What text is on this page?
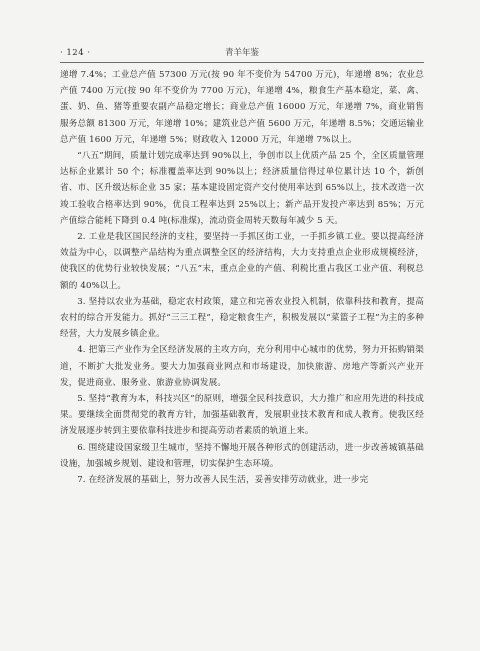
· 124 ·	青羊年鉴

递增 7.4%；工业总产值 57300 万元(按 90 年不变价为 54700 万元)，年递增 8%；农业总产值 7400 万元(按 90 年不变价为 7700 万元)，年递增 4%，粮食生产基本稳定，菜、禽、蛋、奶、鱼、猪等重要农副产品稳定增长；商业总产值 16000 万元，年递增 7%，商业销售服务总额 81300 万元，年递增 10%；建筑业总产值 5600 万元，年递增 8.5%；交通运输业总产值 1600 万元，年递增 5%；财政收入 12000 万元，年递增 7%以上。

“八五”期间，质量计划完成率达到 90%以上，争创市以上优质产品 25 个，全区质量管理达标企业累计 50 个；标准覆盖率达到 90%以上；经济质量信得过单位累计达 10 个，新创省、市、区升级达标企业 35 家；基本建设固定资产交付使用率达到 65%以上，技术改造一次竣工验收合格率达到 90%，优良工程率达到 25%以上；新产品开发投产率达到 85%；万元产值综合能耗下降到 0.4 吨(标准煤)，流动资金周转天数每年减少 5 天。

2. 工业是我区国民经济的支柱，要坚持一手抓区街工业，一手抓乡镇工业。要以提高经济效益为中心，以调整产品结构为重点调整全区的经济结构，大力支持重点企业形成规模经济，使我区的优势行业较快发展；“八五”末，重点企业的产值、利税比重占我区工业产值、利税总额的 40%以上。

3. 坚持以农业为基础，稳定农村政策，建立和完善农业投入机制，依靠科技和教育，提高农村的综合开发能力。抓好“三三工程”，稳定粮食生产，积极发展以“菜篮子工程”为主的多种经营，大力发展乡镇企业。

4. 把第三产业作为全区经济发展的主攻方向，充分利用中心城市的优势，努力开拓购销渠道，不断扩大批发业务。要大力加强商业网点和市场建设，加快旅游、房地产等新兴产业开发，促进商业、服务业、旅游业协调发展。

5. 坚持“教育为本，科技兴区”的原则，增强全民科技意识，大力推广和应用先进的科技成果。要继续全面贯彻党的教育方针，加强基础教育，发展职业技术教育和成人教育。使我区经济发展逐步转到主要依靠科技进步和提高劳动者素质的轨道上来。

6. 围绕建设国家级卫生城市，坚持不懈地开展各种形式的创建活动，进一步改善城镇基础设施，加强城乡规划、建设和管理，切实保护生态环境。

7. 在经济发展的基础上，努力改善人民生活，妥善安排劳动就业，进一步完
